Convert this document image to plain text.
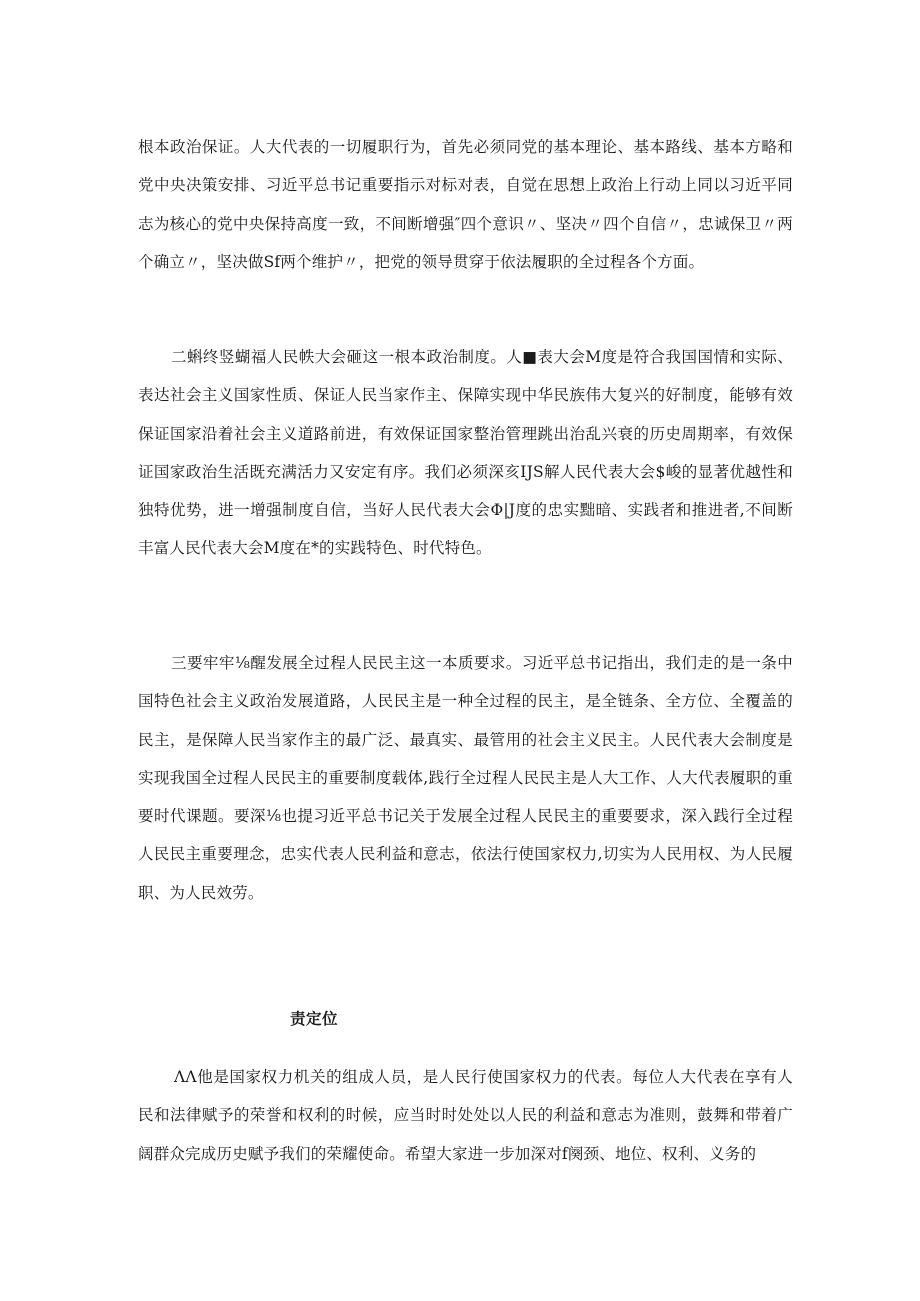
根本政治保证。人大代表的一切履职行为，首先必须同党的基本理论、基本路线、基本方略和党中央决策安排、习近平总书记重要指示对标对表，自觉在思想上政治上行动上同以习近平同志为核心的党中央保持高度一致，不间断增强″四个意识〃、坚决〃四个自信〃，忠诚保卫〃两个确立〃，坚决做Sf两个维护〃，把党的领导贯穿于依法履职的全过程各个方面。

二蝌终竖蝴福人民帙大会砸这一根本政治制度。人■表大会M度是符合我国国情和实际、表达社会主义国家性质、保证人民当家作主、保障实现中华民族伟大复兴的好制度，能够有效保证国家沿着社会主义道路前进，有效保证国家整治管理跳出治乱兴衰的历史周期率，有效保证国家政治生活既充满活力又安定有序。我们必须深亥IJS解人民代表大会$峻的显著优越性和独特优势，进一增强制度自信，当好人民代表大会Φ|J度的忠实黜暗、实践者和推进者,不间断丰富人民代表大会M度在*的实践特色、时代特色。

三要牢牢⅛醒发展全过程人民民主这一本质要求。习近平总书记指出，我们走的是一条中国特色社会主义政治发展道路，人民民主是一种全过程的民主，是全链条、全方位、全覆盖的民主，是保障人民当家作主的最广泛、最真实、最管用的社会主义民主。人民代表大会制度是实现我国全过程人民民主的重要制度载体,践行全过程人民民主是人大工作、人大代表履职的重要时代课题。要深⅛也提习近平总书记关于发展全过程人民民主的重要要求，深入践行全过程人民民主重要理念，忠实代表人民利益和意志，依法行使国家权力,切实为人民用权、为人民履职、为人民效劳。

责定位

ΛΛ他是国家权力机关的组成人员，是人民行使国家权力的代表。每位人大代表在享有人民和法律赋予的荣誉和权利的时候，应当时时处处以人民的利益和意志为准则，鼓舞和带着广阔群众完成历史赋予我们的荣耀使命。希望大家进一步加深对f阕颈、地位、权利、义务的
